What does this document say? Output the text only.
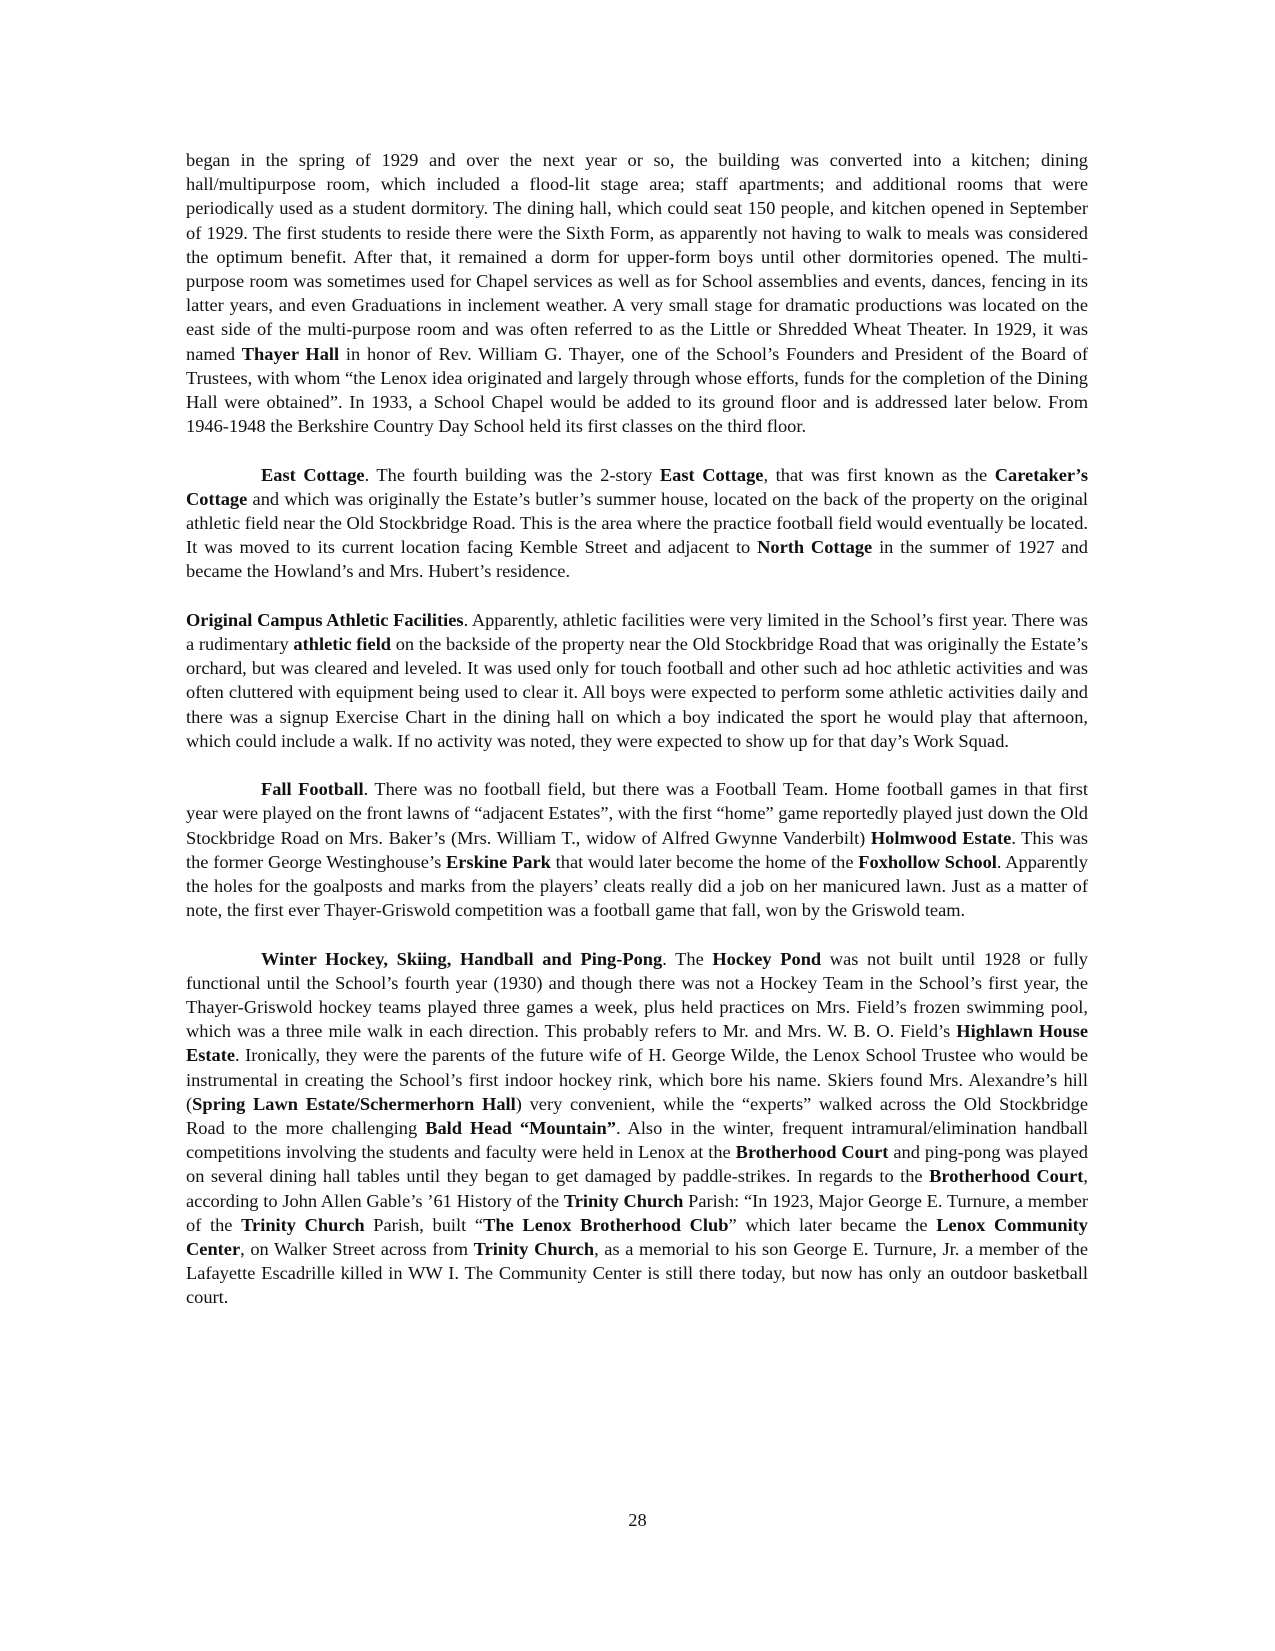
began in the spring of 1929 and over the next year or so, the building was converted into a kitchen; dining hall/multipurpose room, which included a flood-lit stage area; staff apartments; and additional rooms that were periodically used as a student dormitory. The dining hall, which could seat 150 people, and kitchen opened in September of 1929. The first students to reside there were the Sixth Form, as apparently not having to walk to meals was considered the optimum benefit. After that, it remained a dorm for upper-form boys until other dormitories opened. The multi-purpose room was sometimes used for Chapel services as well as for School assemblies and events, dances, fencing in its latter years, and even Graduations in inclement weather. A very small stage for dramatic productions was located on the east side of the multi-purpose room and was often referred to as the Little or Shredded Wheat Theater. In 1929, it was named Thayer Hall in honor of Rev. William G. Thayer, one of the School’s Founders and President of the Board of Trustees, with whom “the Lenox idea originated and largely through whose efforts, funds for the completion of the Dining Hall were obtained”. In 1933, a School Chapel would be added to its ground floor and is addressed later below. From 1946-1948 the Berkshire Country Day School held its first classes on the third floor.

East Cottage. The fourth building was the 2-story East Cottage, that was first known as the Caretaker’s Cottage and which was originally the Estate’s butler’s summer house, located on the back of the property on the original athletic field near the Old Stockbridge Road. This is the area where the practice football field would eventually be located. It was moved to its current location facing Kemble Street and adjacent to North Cottage in the summer of 1927 and became the Howland’s and Mrs. Hubert’s residence.

Original Campus Athletic Facilities. Apparently, athletic facilities were very limited in the School’s first year. There was a rudimentary athletic field on the backside of the property near the Old Stockbridge Road that was originally the Estate’s orchard, but was cleared and leveled. It was used only for touch football and other such ad hoc athletic activities and was often cluttered with equipment being used to clear it. All boys were expected to perform some athletic activities daily and there was a signup Exercise Chart in the dining hall on which a boy indicated the sport he would play that afternoon, which could include a walk. If no activity was noted, they were expected to show up for that day’s Work Squad.

Fall Football. There was no football field, but there was a Football Team. Home football games in that first year were played on the front lawns of “adjacent Estates”, with the first “home” game reportedly played just down the Old Stockbridge Road on Mrs. Baker’s (Mrs. William T., widow of Alfred Gwynne Vanderbilt) Holmwood Estate. This was the former George Westinghouse’s Erskine Park that would later become the home of the Foxhollow School. Apparently the holes for the goalposts and marks from the players’ cleats really did a job on her manicured lawn. Just as a matter of note, the first ever Thayer-Griswold competition was a football game that fall, won by the Griswold team.

Winter Hockey, Skiing, Handball and Ping-Pong. The Hockey Pond was not built until 1928 or fully functional until the School’s fourth year (1930) and though there was not a Hockey Team in the School’s first year, the Thayer-Griswold hockey teams played three games a week, plus held practices on Mrs. Field’s frozen swimming pool, which was a three mile walk in each direction. This probably refers to Mr. and Mrs. W. B. O. Field’s Highlawn House Estate. Ironically, they were the parents of the future wife of H. George Wilde, the Lenox School Trustee who would be instrumental in creating the School’s first indoor hockey rink, which bore his name. Skiers found Mrs. Alexandre’s hill (Spring Lawn Estate/Schermerhorn Hall) very convenient, while the “experts” walked across the Old Stockbridge Road to the more challenging Bald Head “Mountain”. Also in the winter, frequent intramural/elimination handball competitions involving the students and faculty were held in Lenox at the Brotherhood Court and ping-pong was played on several dining hall tables until they began to get damaged by paddle-strikes. In regards to the Brotherhood Court, according to John Allen Gable’s ’61 History of the Trinity Church Parish: “In 1923, Major George E. Turnure, a member of the Trinity Church Parish, built “The Lenox Brotherhood Club” which later became the Lenox Community Center, on Walker Street across from Trinity Church, as a memorial to his son George E. Turnure, Jr. a member of the Lafayette Escadrille killed in WW I. The Community Center is still there today, but now has only an outdoor basketball court.

28
